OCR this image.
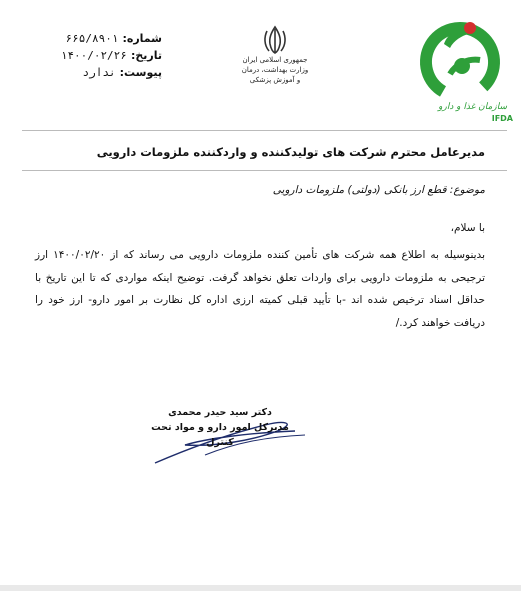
شماره:
۶۶۵/۸۹۰۱
تاریخ:
۱۴۰۰/۰۲/۲۶
پیوست:
ندارد
جمهوری اسلامی ایران
وزارت بهداشت، درمان
و آموزش پزشکی
سازمان غذا و دارو
IFDA
مدیرعامل محترم شرکت های تولیدکننده و واردکننده ملزومات دارویی
موضوع: قطع ارز بانکی (دولتی) ملزومات دارویی
با سلام،
بدینوسیله به اطلاع همه شرکت های تأمین کننده ملزومات دارویی می رساند که از ۱۴۰۰/۰۲/۲۰ ارز ترجیحی به ملزومات دارویی برای واردات تعلق نخواهد گرفت. توضیح اینکه مواردی که تا این تاریخ با حداقل اسناد ترخیص شده اند -با تأیید قبلی کمیته ارزی اداره کل نظارت بر امور دارو- ارز خود را دریافت خواهند کرد./
دکتر سید حیدر محمدی
مدیرکل امور دارو و مواد تحت کنترل
